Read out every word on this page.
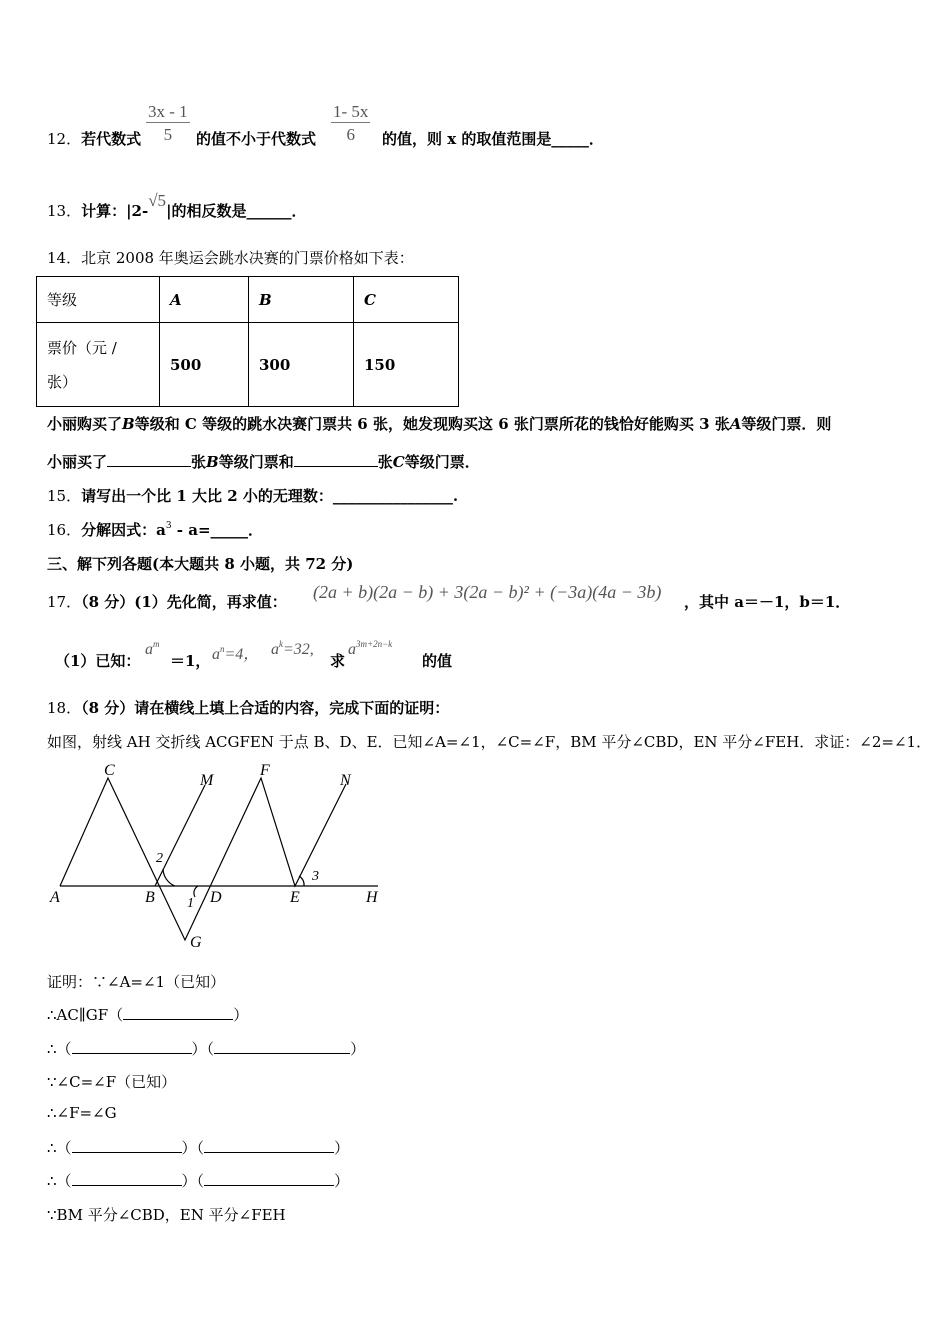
12．若代数式 $\frac{3x - 1}{5}$ 的值不小于代数式 $\frac{1- 5x}{6}$ 的值，则 x 的取值范围是_____．
13．计算：|2-√5|的相反数是______．
14．北京 2008 年奥运会跳水决赛的门票价格如下表：
等级	A	B	C

票价（元 /
张）	500	300	150
小丽购买了B等级和 C 等级的跳水决赛门票共 6 张，她发现购买这 6 张门票所花的钱恰好能购买 3 张A等级门票．则
小丽买了	张B等级门票和	张C等级门票．
15．请写出一个比 1 大比 2 小的无理数：________________.
16．分解因式：$a^3$ - a=_____．
三、解下列各题(本大题共 8 小题，共 72 分)
17．（8 分）(1）先化简，再求值： (2a + b)(2a − b) + 3(2a − b)² + (−3a)(4a − 3b) ，其中 a＝－1，b＝1．
（1）已知：
$a^m$
＝1， $a^n=4$， $a^k=32$,
求
$a^{3m+2n-k}$
的值
18．（8 分）请在横线上填上合适的内容，完成下面的证明：
如图，射线 AH 交折线 ACGFEN 于点 B、D、E．已知∠A=∠1，∠C=∠F，BM 平分∠CBD，EN 平分∠FEH．求证：∠2=∠1．
C
M
F
N
2
3
A	B 1 D	E	H
G
证明：∵∠A=∠1（已知）
∴AC∥GF（	）
∴（	）（	）
∵∠C=∠F（已知）
∴∠F=∠G
∴（	）（	）
∴（	）（	）
∵BM 平分∠CBD，EN 平分∠FEH
